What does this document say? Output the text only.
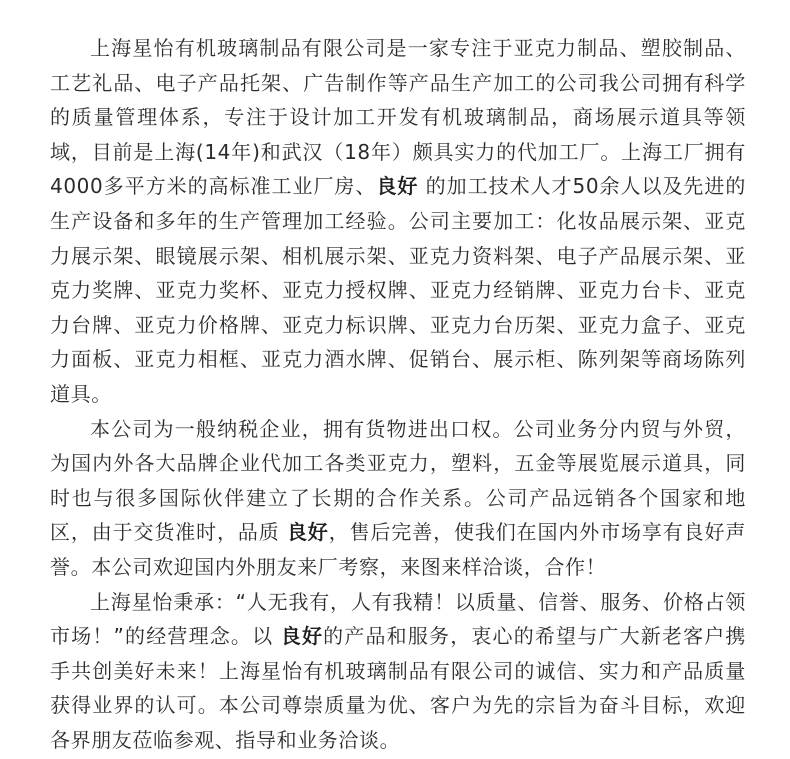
上海星怡有机玻璃制品有限公司是一家专注于亚克力制品、塑胶制品、工艺礼品、电子产品托架、广告制作等产品生产加工的公司我公司拥有科学的质量管理体系，专注于设计加工开发有机玻璃制品，商场展示道具等领域，目前是上海(14年)和武汉（18年）颇具实力的代加工厂。上海工厂拥有4000多平方米的高标准工业厂房、良好 的加工技术人才50余人以及先进的生产设备和多年的生产管理加工经验。公司主要加工：化妆品展示架、亚克力展示架、眼镜展示架、相机展示架、亚克力资料架、电子产品展示架、亚克力奖牌、亚克力奖杯、亚克力授权牌、亚克力经销牌、亚克力台卡、亚克力台牌、亚克力价格牌、亚克力标识牌、亚克力台历架、亚克力盒子、亚克力面板、亚克力相框、亚克力酒水牌、促销台、展示柜、陈列架等商场陈列道具。

本公司为一般纳税企业，拥有货物进出口权。公司业务分内贸与外贸，为国内外各大品牌企业代加工各类亚克力，塑料，五金等展览展示道具，同时也与很多国际伙伴建立了长期的合作关系。公司产品远销各个国家和地区，由于交货准时，品质 良好，售后完善，使我们在国内外市场享有良好声誉。本公司欢迎国内外朋友来厂考察，来图来样洽谈，合作！

上海星怡秉承：“人无我有，人有我精！以质量、信誉、服务、价格占领市场！”的经营理念。以 良好的产品和服务，衷心的希望与广大新老客户携手共创美好未来！上海星怡有机玻璃制品有限公司的诚信、实力和产品质量获得业界的认可。本公司尊崇质量为优、客户为先的宗旨为奋斗目标，欢迎各界朋友莅临参观、指导和业务洽谈。
